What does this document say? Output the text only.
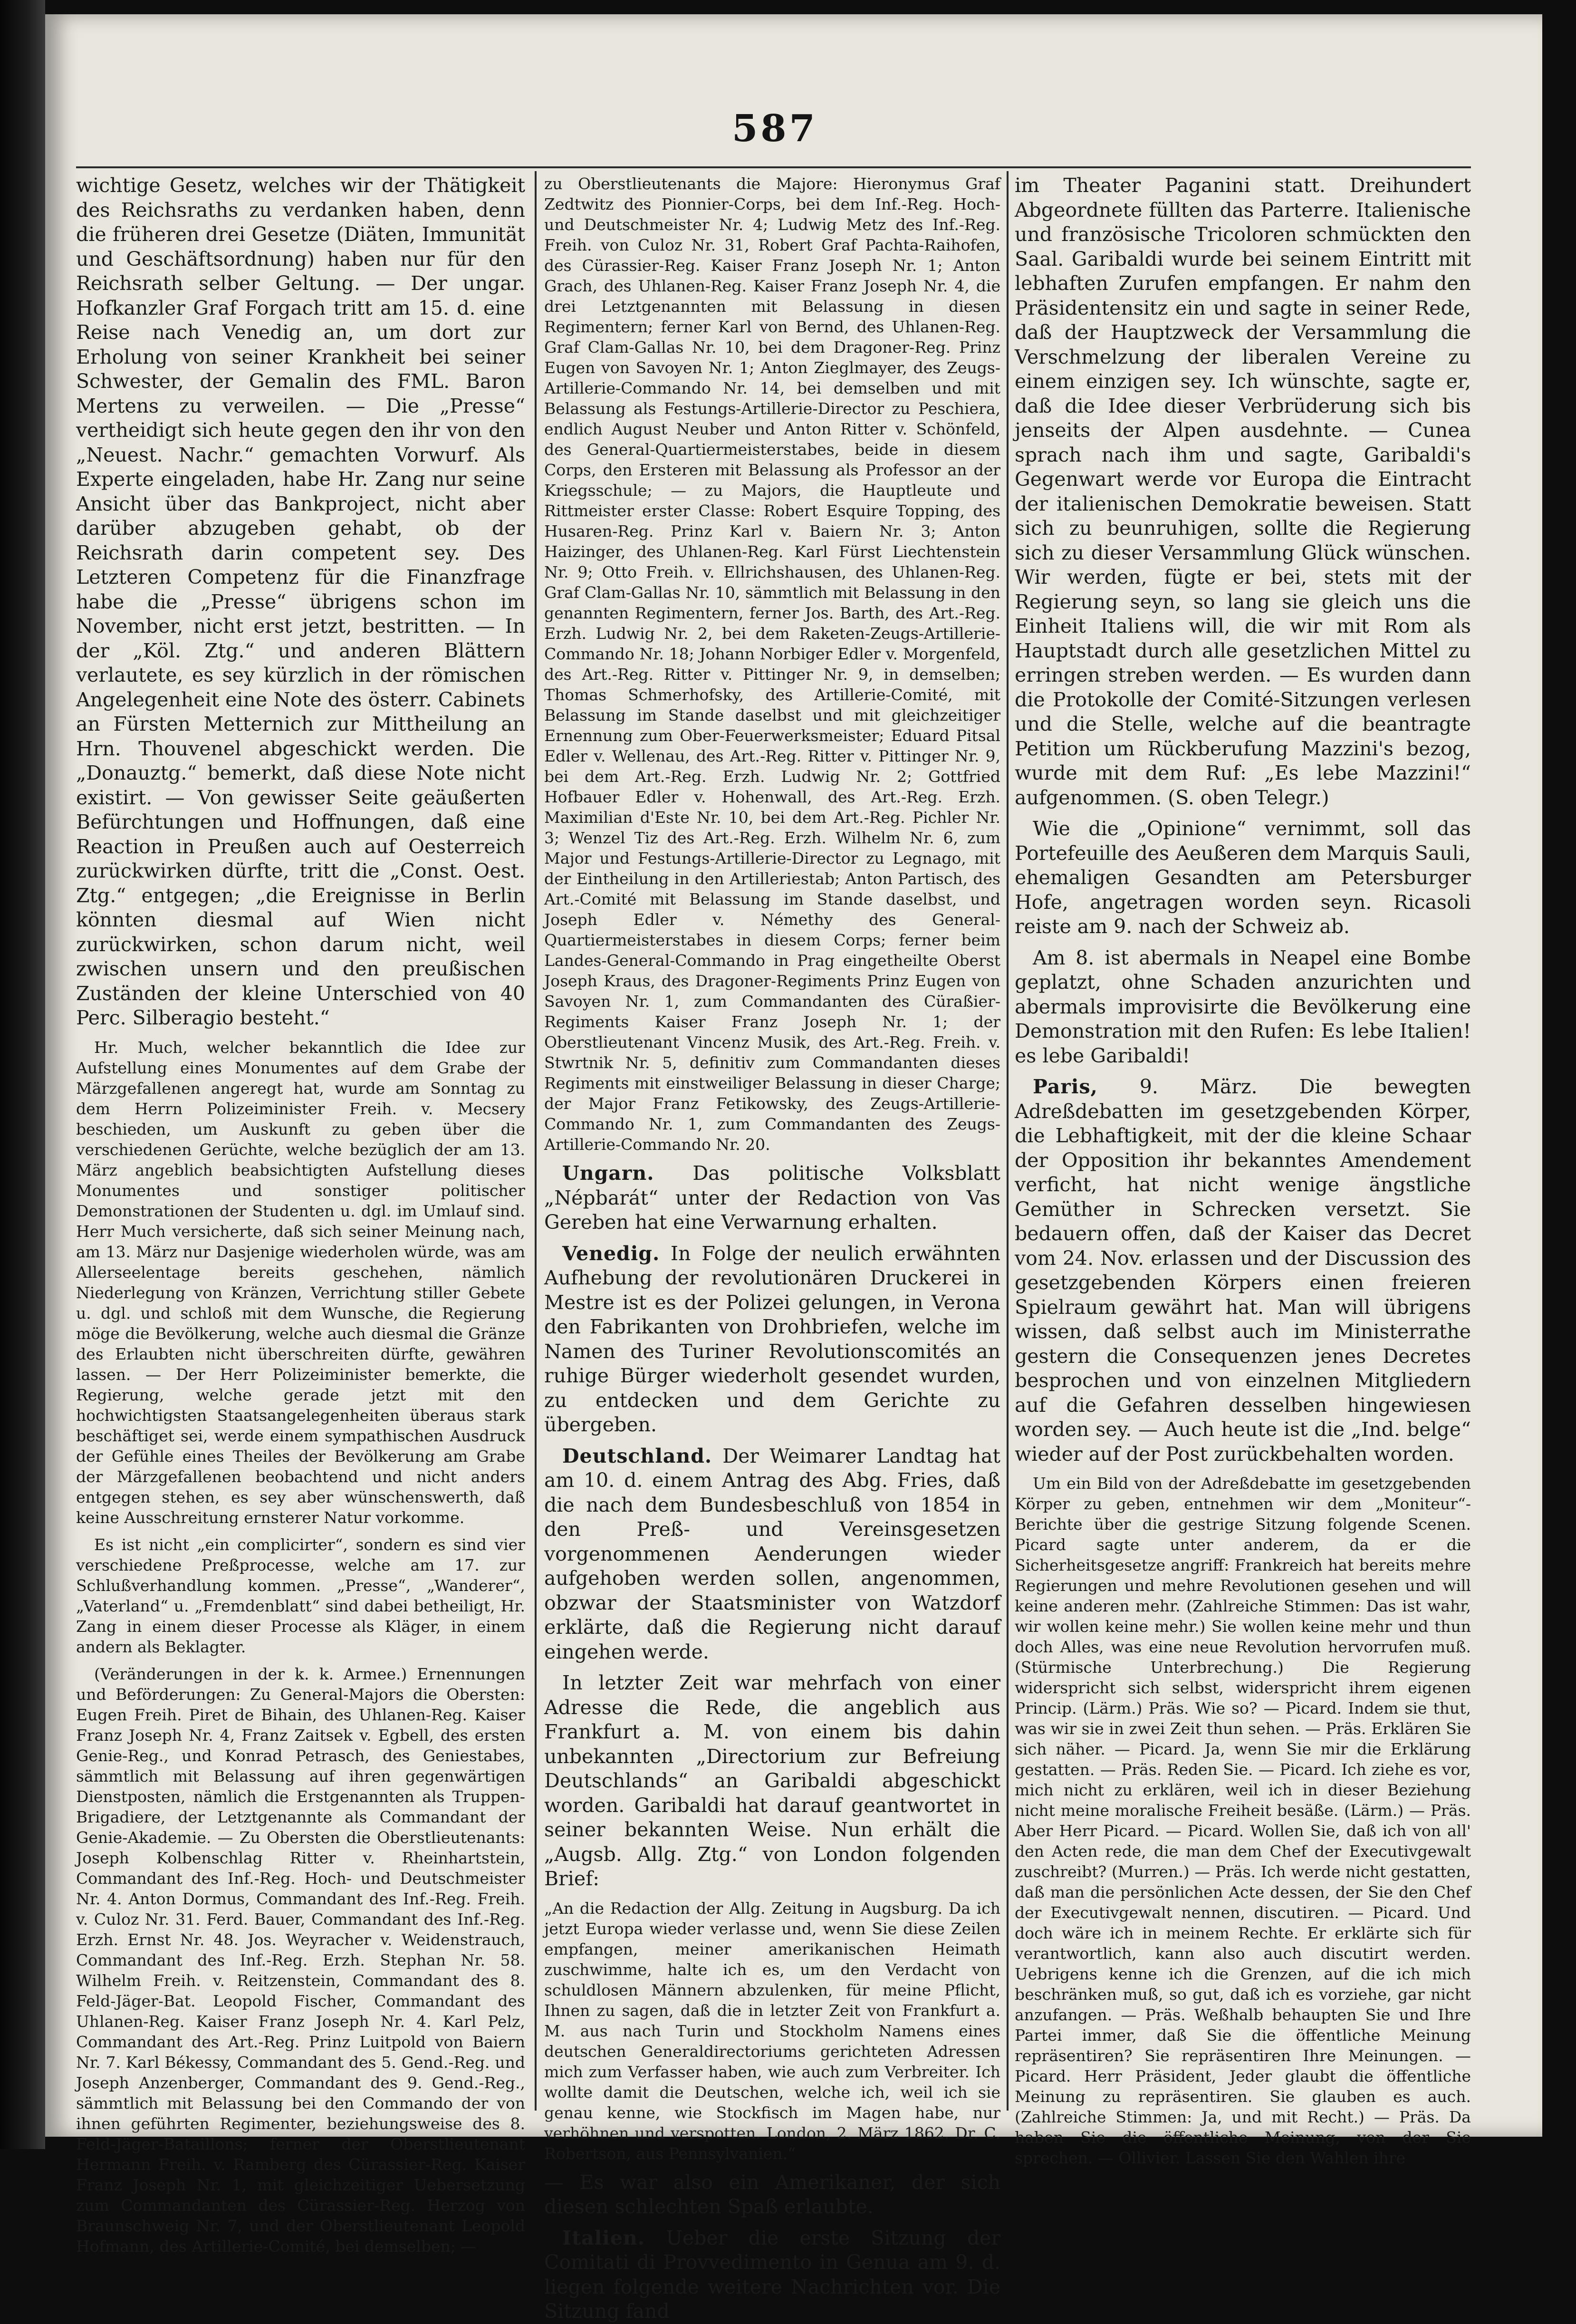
587

wichtige Gesetz, welches wir der Thätigkeit des Reichsraths zu verdanken haben, denn die früheren drei Gesetze (Diäten, Immunität und Geschäftsordnung) haben nur für den Reichsrath selber Geltung. — Der ungar. Hofkanzler Graf Forgach tritt am 15. d. eine Reise nach Venedig an, um dort zur Erholung von seiner Krankheit bei seiner Schwester, der Gemalin des FML. Baron Mertens zu verweilen. — Die „Presse“ vertheidigt sich heute gegen den ihr von den „Neuest. Nachr.“ gemachten Vorwurf. Als Experte eingeladen, habe Hr. Zang nur seine Ansicht über das Bankproject, nicht aber darüber abzugeben gehabt, ob der Reichsrath darin competent sey. Des Letzteren Competenz für die Finanzfrage habe die „Presse“ übrigens schon im November, nicht erst jetzt, bestritten. — In der „Köl. Ztg.“ und anderen Blättern verlautete, es sey kürzlich in der römischen Angelegenheit eine Note des österr. Cabinets an Fürsten Metternich zur Mittheilung an Hrn. Thouvenel abgeschickt werden. Die „Donauztg.“ bemerkt, daß diese Note nicht existirt. — Von gewisser Seite geäußerten Befürchtungen und Hoffnungen, daß eine Reaction in Preußen auch auf Oesterreich zurückwirken dürfte, tritt die „Const. Oest. Ztg.“ entgegen; „die Ereignisse in Berlin könnten diesmal auf Wien nicht zurückwirken, schon darum nicht, weil zwischen unsern und den preußischen Zuständen der kleine Unterschied von 40 Perc. Silberagio besteht.“

Hr. Much, welcher bekanntlich die Idee zur Aufstellung eines Monumentes auf dem Grabe der Märzgefallenen angeregt hat, wurde am Sonntag zu dem Herrn Polizeiminister Freih. v. Mecsery beschieden, um Auskunft zu geben über die verschiedenen Gerüchte, welche bezüglich der am 13. März angeblich beabsichtigten Aufstellung dieses Monumentes und sonstiger politischer Demonstrationen der Studenten u. dgl. im Umlauf sind. Herr Much versicherte, daß sich seiner Meinung nach, am 13. März nur Dasjenige wiederholen würde, was am Allerseelentage bereits geschehen, nämlich Niederlegung von Kränzen, Verrichtung stiller Gebete u. dgl. und schloß mit dem Wunsche, die Regierung möge die Bevölkerung, welche auch diesmal die Gränze des Erlaubten nicht überschreiten dürfte, gewähren lassen. — Der Herr Polizeiminister bemerkte, die Regierung, welche gerade jetzt mit den hochwichtigsten Staatsangelegenheiten überaus stark beschäftiget sei, werde einem sympathischen Ausdruck der Gefühle eines Theiles der Bevölkerung am Grabe der Märzgefallenen beobachtend und nicht anders entgegen stehen, es sey aber wünschenswerth, daß keine Ausschreitung ernsterer Natur vorkomme.

Es ist nicht „ein complicirter“, sondern es sind vier verschiedene Preßprocesse, welche am 17. zur Schlußverhandlung kommen. „Presse“, „Wanderer“, „Vaterland“ u. „Fremdenblatt“ sind dabei betheiligt, Hr. Zang in einem dieser Processe als Kläger, in einem andern als Beklagter.

(Veränderungen in der k. k. Armee.) Ernennungen und Beförderungen: Zu General-Majors die Obersten: Eugen Freih. Piret de Bihain, des Uhlanen-Reg. Kaiser Franz Joseph Nr. 4, Franz Zaitsek v. Egbell, des ersten Genie-Reg., und Konrad Petrasch, des Geniestabes, sämmtlich mit Belassung auf ihren gegenwärtigen Dienstposten, nämlich die Erstgenannten als Truppen-Brigadiere, der Letztgenannte als Commandant der Genie-Akademie. — Zu Obersten die Oberstlieutenants: Joseph Kolbenschlag Ritter v. Rheinhartstein, Commandant des Inf.-Reg. Hoch- und Deutschmeister Nr. 4. Anton Dormus, Commandant des Inf.-Reg. Freih. v. Culoz Nr. 31. Ferd. Bauer, Commandant des Inf.-Reg. Erzh. Ernst Nr. 48. Jos. Weyracher v. Weidenstrauch, Commandant des Inf.-Reg. Erzh. Stephan Nr. 58. Wilhelm Freih. v. Reitzenstein, Commandant des 8. Feld-Jäger-Bat. Leopold Fischer, Commandant des Uhlanen-Reg. Kaiser Franz Joseph Nr. 4. Karl Pelz, Commandant des Art.-Reg. Prinz Luitpold von Baiern Nr. 7. Karl Békessy, Commandant des 5. Gend.-Reg. und Joseph Anzenberger, Commandant des 9. Gend.-Reg., sämmtlich mit Belassung bei den Commando der von ihnen geführten Regimenter, beziehungsweise des 8. Feld-Jäger-Bataillons; ferner der Oberstlieutenant Hermann Freih. v. Ramberg des Cürassier-Reg. Kaiser Franz Joseph Nr. 1, mit gleichzeitiger Uebersetzung zum Commandanten des Cürassier-Reg. Herzog von Braunschweig Nr. 7, und der Oberstlieutenant Leopold Hofmann, des Artillerie-Comité, bei demselben; —

zu Oberstlieutenants die Majore: Hieronymus Graf Zedtwitz des Pionnier-Corps, bei dem Inf.-Reg. Hoch- und Deutschmeister Nr. 4; Ludwig Metz des Inf.-Reg. Freih. von Culoz Nr. 31, Robert Graf Pachta-Raihofen, des Cürassier-Reg. Kaiser Franz Joseph Nr. 1; Anton Grach, des Uhlanen-Reg. Kaiser Franz Joseph Nr. 4, die drei Letztgenannten mit Belassung in diesen Regimentern; ferner Karl von Bernd, des Uhlanen-Reg. Graf Clam-Gallas Nr. 10, bei dem Dragoner-Reg. Prinz Eugen von Savoyen Nr. 1; Anton Zieglmayer, des Zeugs-Artillerie-Commando Nr. 14, bei demselben und mit Belassung als Festungs-Artillerie-Director zu Peschiera, endlich August Neuber und Anton Ritter v. Schönfeld, des General-Quartiermeisterstabes, beide in diesem Corps, den Ersteren mit Belassung als Professor an der Kriegsschule; — zu Majors, die Hauptleute und Rittmeister erster Classe: Robert Esquire Topping, des Husaren-Reg. Prinz Karl v. Baiern Nr. 3; Anton Haizinger, des Uhlanen-Reg. Karl Fürst Liechtenstein Nr. 9; Otto Freih. v. Ellrichshausen, des Uhlanen-Reg. Graf Clam-Gallas Nr. 10, sämmtlich mit Belassung in den genannten Regimentern, ferner Jos. Barth, des Art.-Reg. Erzh. Ludwig Nr. 2, bei dem Raketen-Zeugs-Artillerie-Commando Nr. 18; Johann Norbiger Edler v. Morgenfeld, des Art.-Reg. Ritter v. Pittinger Nr. 9, in demselben; Thomas Schmerhofsky, des Artillerie-Comité, mit Belassung im Stande daselbst und mit gleichzeitiger Ernennung zum Ober-Feuerwerksmeister; Eduard Pitsal Edler v. Wellenau, des Art.-Reg. Ritter v. Pittinger Nr. 9, bei dem Art.-Reg. Erzh. Ludwig Nr. 2; Gottfried Hofbauer Edler v. Hohenwall, des Art.-Reg. Erzh. Maximilian d'Este Nr. 10, bei dem Art.-Reg. Pichler Nr. 3; Wenzel Tiz des Art.-Reg. Erzh. Wilhelm Nr. 6, zum Major und Festungs-Artillerie-Director zu Legnago, mit der Eintheilung in den Artilleriestab; Anton Partisch, des Art.-Comité mit Belassung im Stande daselbst, und Joseph Edler v. Némethy des General-Quartiermeisterstabes in diesem Corps; ferner beim Landes-General-Commando in Prag eingetheilte Oberst Joseph Kraus, des Dragoner-Regiments Prinz Eugen von Savoyen Nr. 1, zum Commandanten des Cüraßier-Regiments Kaiser Franz Joseph Nr. 1; der Oberstlieutenant Vincenz Musik, des Art.-Reg. Freih. v. Stwrtnik Nr. 5, definitiv zum Commandanten dieses Regiments mit einstweiliger Belassung in dieser Charge; der Major Franz Fetikowsky, des Zeugs-Artillerie-Commando Nr. 1, zum Commandanten des Zeugs-Artillerie-Commando Nr. 20.

Ungarn. Das politische Volksblatt „Népbarát“ unter der Redaction von Vas Gereben hat eine Verwarnung erhalten.

Venedig. In Folge der neulich erwähnten Aufhebung der revolutionären Druckerei in Mestre ist es der Polizei gelungen, in Verona den Fabrikanten von Drohbriefen, welche im Namen des Turiner Revolutionscomités an ruhige Bürger wiederholt gesendet wurden, zu entdecken und dem Gerichte zu übergeben.

Deutschland. Der Weimarer Landtag hat am 10. d. einem Antrag des Abg. Fries, daß die nach dem Bundesbeschluß von 1854 in den Preß- und Vereinsgesetzen vorgenommenen Aenderungen wieder aufgehoben werden sollen, angenommen, obzwar der Staatsminister von Watzdorf erklärte, daß die Regierung nicht darauf eingehen werde.

In letzter Zeit war mehrfach von einer Adresse die Rede, die angeblich aus Frankfurt a. M. von einem bis dahin unbekannten „Directorium zur Befreiung Deutschlands“ an Garibaldi abgeschickt worden. Garibaldi hat darauf geantwortet in seiner bekannten Weise. Nun erhält die „Augsb. Allg. Ztg.“ von London folgenden Brief:

„An die Redaction der Allg. Zeitung in Augsburg. Da ich jetzt Europa wieder verlasse und, wenn Sie diese Zeilen empfangen, meiner amerikanischen Heimath zuschwimme, halte ich es, um den Verdacht von schuldlosen Männern abzulenken, für meine Pflicht, Ihnen zu sagen, daß die in letzter Zeit von Frankfurt a. M. aus nach Turin und Stockholm Namens eines deutschen Generaldirectoriums gerichteten Adressen mich zum Verfasser haben, wie auch zum Verbreiter. Ich wollte damit die Deutschen, welche ich, weil ich sie genau kenne, wie Stockfisch im Magen habe, nur verhöhnen und verspotten. London, 2. März 1862. Dr. C. Robertson, aus Pennsylvanien.“

— Es war also ein Amerikaner, der sich diesen schlechten Spaß erlaubte.

Italien. Ueber die erste Sitzung der Comitati di Provvedimento in Genua am 9. d. liegen folgende weitere Nachrichten vor. Die Sitzung fand

im Theater Paganini statt. Dreihundert Abgeordnete füllten das Parterre. Italienische und französische Tricoloren schmückten den Saal. Garibaldi wurde bei seinem Eintritt mit lebhaften Zurufen empfangen. Er nahm den Präsidentensitz ein und sagte in seiner Rede, daß der Hauptzweck der Versammlung die Verschmelzung der liberalen Vereine zu einem einzigen sey. Ich wünschte, sagte er, daß die Idee dieser Verbrüderung sich bis jenseits der Alpen ausdehnte. — Cunea sprach nach ihm und sagte, Garibaldi's Gegenwart werde vor Europa die Eintracht der italienischen Demokratie beweisen. Statt sich zu beunruhigen, sollte die Regierung sich zu dieser Versammlung Glück wünschen. Wir werden, fügte er bei, stets mit der Regierung seyn, so lang sie gleich uns die Einheit Italiens will, die wir mit Rom als Hauptstadt durch alle gesetzlichen Mittel zu erringen streben werden. — Es wurden dann die Protokolle der Comité-Sitzungen verlesen und die Stelle, welche auf die beantragte Petition um Rückberufung Mazzini's bezog, wurde mit dem Ruf: „Es lebe Mazzini!“ aufgenommen. (S. oben Telegr.)

Wie die „Opinione“ vernimmt, soll das Portefeuille des Aeußeren dem Marquis Sauli, ehemaligen Gesandten am Petersburger Hofe, angetragen worden seyn. Ricasoli reiste am 9. nach der Schweiz ab.

Am 8. ist abermals in Neapel eine Bombe geplatzt, ohne Schaden anzurichten und abermals improvisirte die Bevölkerung eine Demonstration mit den Rufen: Es lebe Italien! es lebe Garibaldi!

Paris, 9. März. Die bewegten Adreßdebatten im gesetzgebenden Körper, die Lebhaftigkeit, mit der die kleine Schaar der Opposition ihr bekanntes Amendement verficht, hat nicht wenige ängstliche Gemüther in Schrecken versetzt. Sie bedauern offen, daß der Kaiser das Decret vom 24. Nov. erlassen und der Discussion des gesetzgebenden Körpers einen freieren Spielraum gewährt hat. Man will übrigens wissen, daß selbst auch im Ministerrathe gestern die Consequenzen jenes Decretes besprochen und von einzelnen Mitgliedern auf die Gefahren desselben hingewiesen worden sey. — Auch heute ist die „Ind. belge“ wieder auf der Post zurückbehalten worden.

Um ein Bild von der Adreßdebatte im gesetzgebenden Körper zu geben, entnehmen wir dem „Moniteur“-Berichte über die gestrige Sitzung folgende Scenen. Picard sagte unter anderem, da er die Sicherheitsgesetze angriff: Frankreich hat bereits mehre Regierungen und mehre Revolutionen gesehen und will keine anderen mehr. (Zahlreiche Stimmen: Das ist wahr, wir wollen keine mehr.) Sie wollen keine mehr und thun doch Alles, was eine neue Revolution hervorrufen muß. (Stürmische Unterbrechung.) Die Regierung widerspricht sich selbst, widerspricht ihrem eigenen Princip. (Lärm.) Präs. Wie so? — Picard. Indem sie thut, was wir sie in zwei Zeit thun sehen. — Präs. Erklären Sie sich näher. — Picard. Ja, wenn Sie mir die Erklärung gestatten. — Präs. Reden Sie. — Picard. Ich ziehe es vor, mich nicht zu erklären, weil ich in dieser Beziehung nicht meine moralische Freiheit besäße. (Lärm.) — Präs. Aber Herr Picard. — Picard. Wollen Sie, daß ich von all' den Acten rede, die man dem Chef der Executivgewalt zuschreibt? (Murren.) — Präs. Ich werde nicht gestatten, daß man die persönlichen Acte dessen, der Sie den Chef der Executivgewalt nennen, discutiren. — Picard. Und doch wäre ich in meinem Rechte. Er erklärte sich für verantwortlich, kann also auch discutirt werden. Uebrigens kenne ich die Grenzen, auf die ich mich beschränken muß, so gut, daß ich es vorziehe, gar nicht anzufangen. — Präs. Weßhalb behaupten Sie und Ihre Partei immer, daß Sie die öffentliche Meinung repräsentiren? Sie repräsentiren Ihre Meinungen. — Picard. Herr Präsident, Jeder glaubt die öffentliche Meinung zu repräsentiren. Sie glauben es auch. (Zahlreiche Stimmen: Ja, und mit Recht.) — Präs. Da haben Sie die öffentliche Meinung, von der Sie sprechen. — Ollivier. Lassen Sie den Wahlen ihre
